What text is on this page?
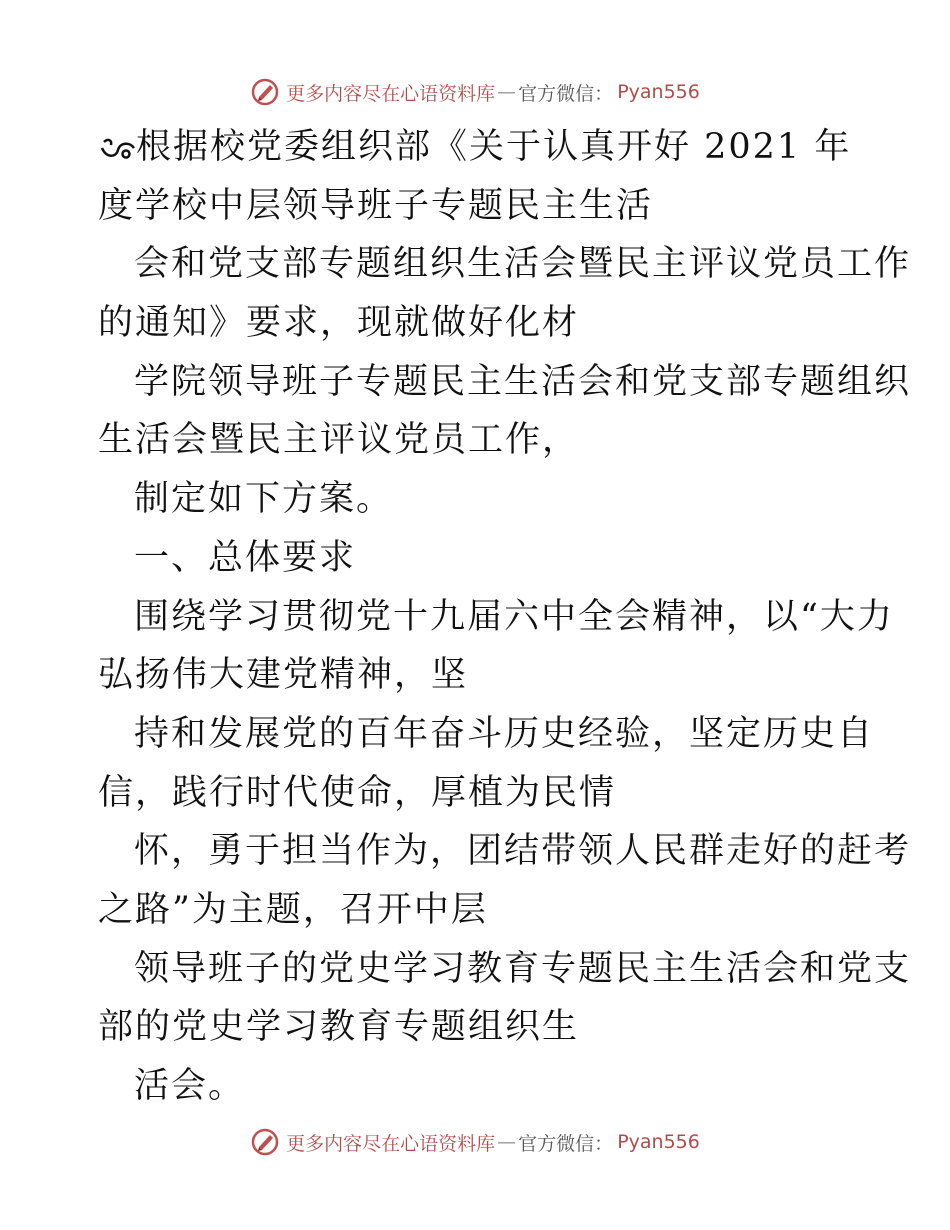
更多内容尽在心语资料库 — 官方微信： Pyan556
根据校党委组织部《关于认真开好 2021 年
度学校中层领导班子专题民主生活
会和党支部专题组织生活会暨民主评议党员工作
的通知》要求，现就做好化材
学院领导班子专题民主生活会和党支部专题组织
生活会暨民主评议党员工作，
制定如下方案。
一、总体要求
围绕学习贯彻党十九届六中全会精神，以“大力
弘扬伟大建党精神，坚
持和发展党的百年奋斗历史经验，坚定历史自
信，践行时代使命，厚植为民情
怀，勇于担当作为，团结带领人民群走好的赶考
之路”为主题，召开中层
领导班子的党史学习教育专题民主生活会和党支
部的党史学习教育专题组织生
活会。
更多内容尽在心语资料库 — 官方微信： Pyan556
